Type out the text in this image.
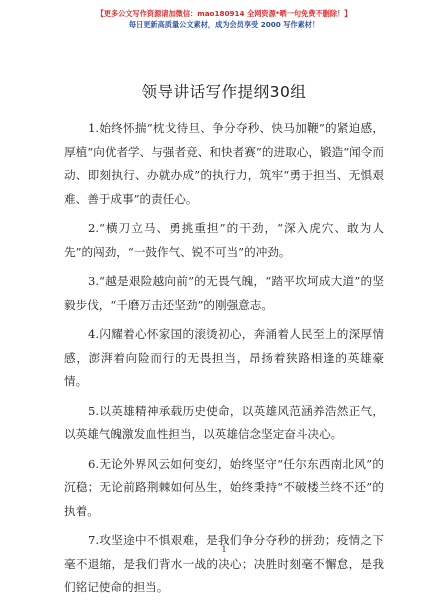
【更多公文写作资源请加微信：mao180914 全网资源*晒一句免费不删除！】
每日更新高质量公文素材，成为会员享受 2000 写作素材！
领导讲话写作提纲30组

1.始终怀揣“枕戈待旦、争分夺秒、快马加鞭”的紧迫感，厚植“向优者学、与强者竞、和快者赛”的进取心，锻造“闻令而动、即刻执行、办就办成”的执行力，筑牢“勇于担当、无惧艰难、善于成事”的责任心。

2.“横刀立马、勇挑重担”的干劲，“深入虎穴、敢为人先”的闯劲，“一鼓作气、锐不可当”的冲劲。

3.“越是艰险越向前”的无畏气魄，“踏平坎坷成大道”的坚毅步伐，“千磨万击还坚劲”的刚强意志。

4.闪耀着心怀家国的滚烫初心，奔涌着人民至上的深厚情感，澎湃着向险而行的无畏担当，昂扬着狭路相逢的英雄豪情。

5.以英雄精神承载历史使命，以英雄风范涵养浩然正气，以英雄气魄激发血性担当，以英雄信念坚定奋斗决心。

6.无论外界风云如何变幻，始终坚守“任尔东西南北风”的沉稳；无论前路荆棘如何丛生，始终秉持“不破楼兰终不还”的执着。

7.攻坚途中不惧艰难，是我们争分夺秒的拼劲；疫情之下毫不退缩，是我们背水一战的决心；决胜时刻毫不懈怠，是我们铭记使命的担当。

1
